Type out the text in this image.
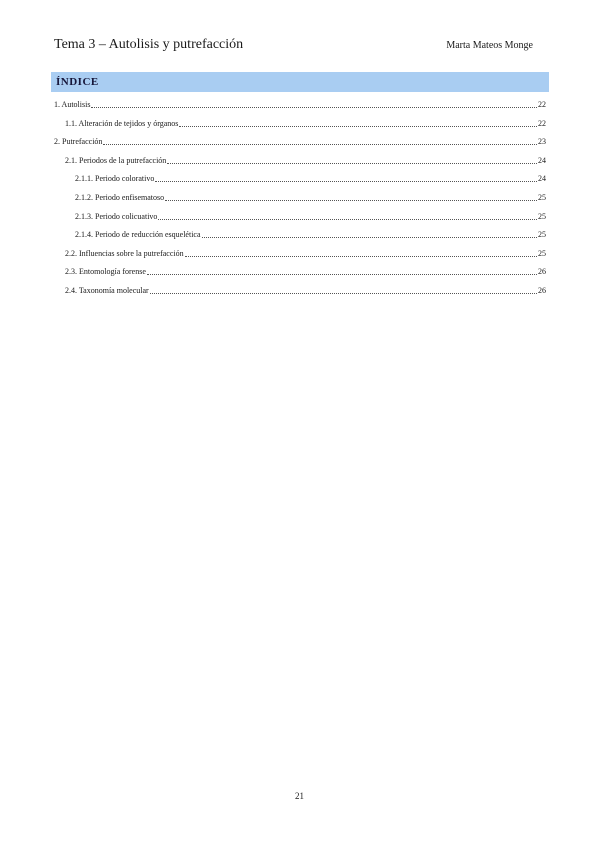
Tema 3 – Autolisis y putrefacción	Marta Mateos Monge
ÍNDICE
1. Autolisis	22
1.1. Alteración de tejidos y órganos	22
2. Putrefacción	23
2.1. Periodos de la putrefacción	24
2.1.1. Periodo colorativo	24
2.1.2. Periodo enfisematoso	25
2.1.3. Periodo colicuativo	25
2.1.4. Periodo de reducción esquelética	25
2.2. Influencias sobre la putrefacción	25
2.3. Entomología forense	26
2.4. Taxonomía molecular	26
21
